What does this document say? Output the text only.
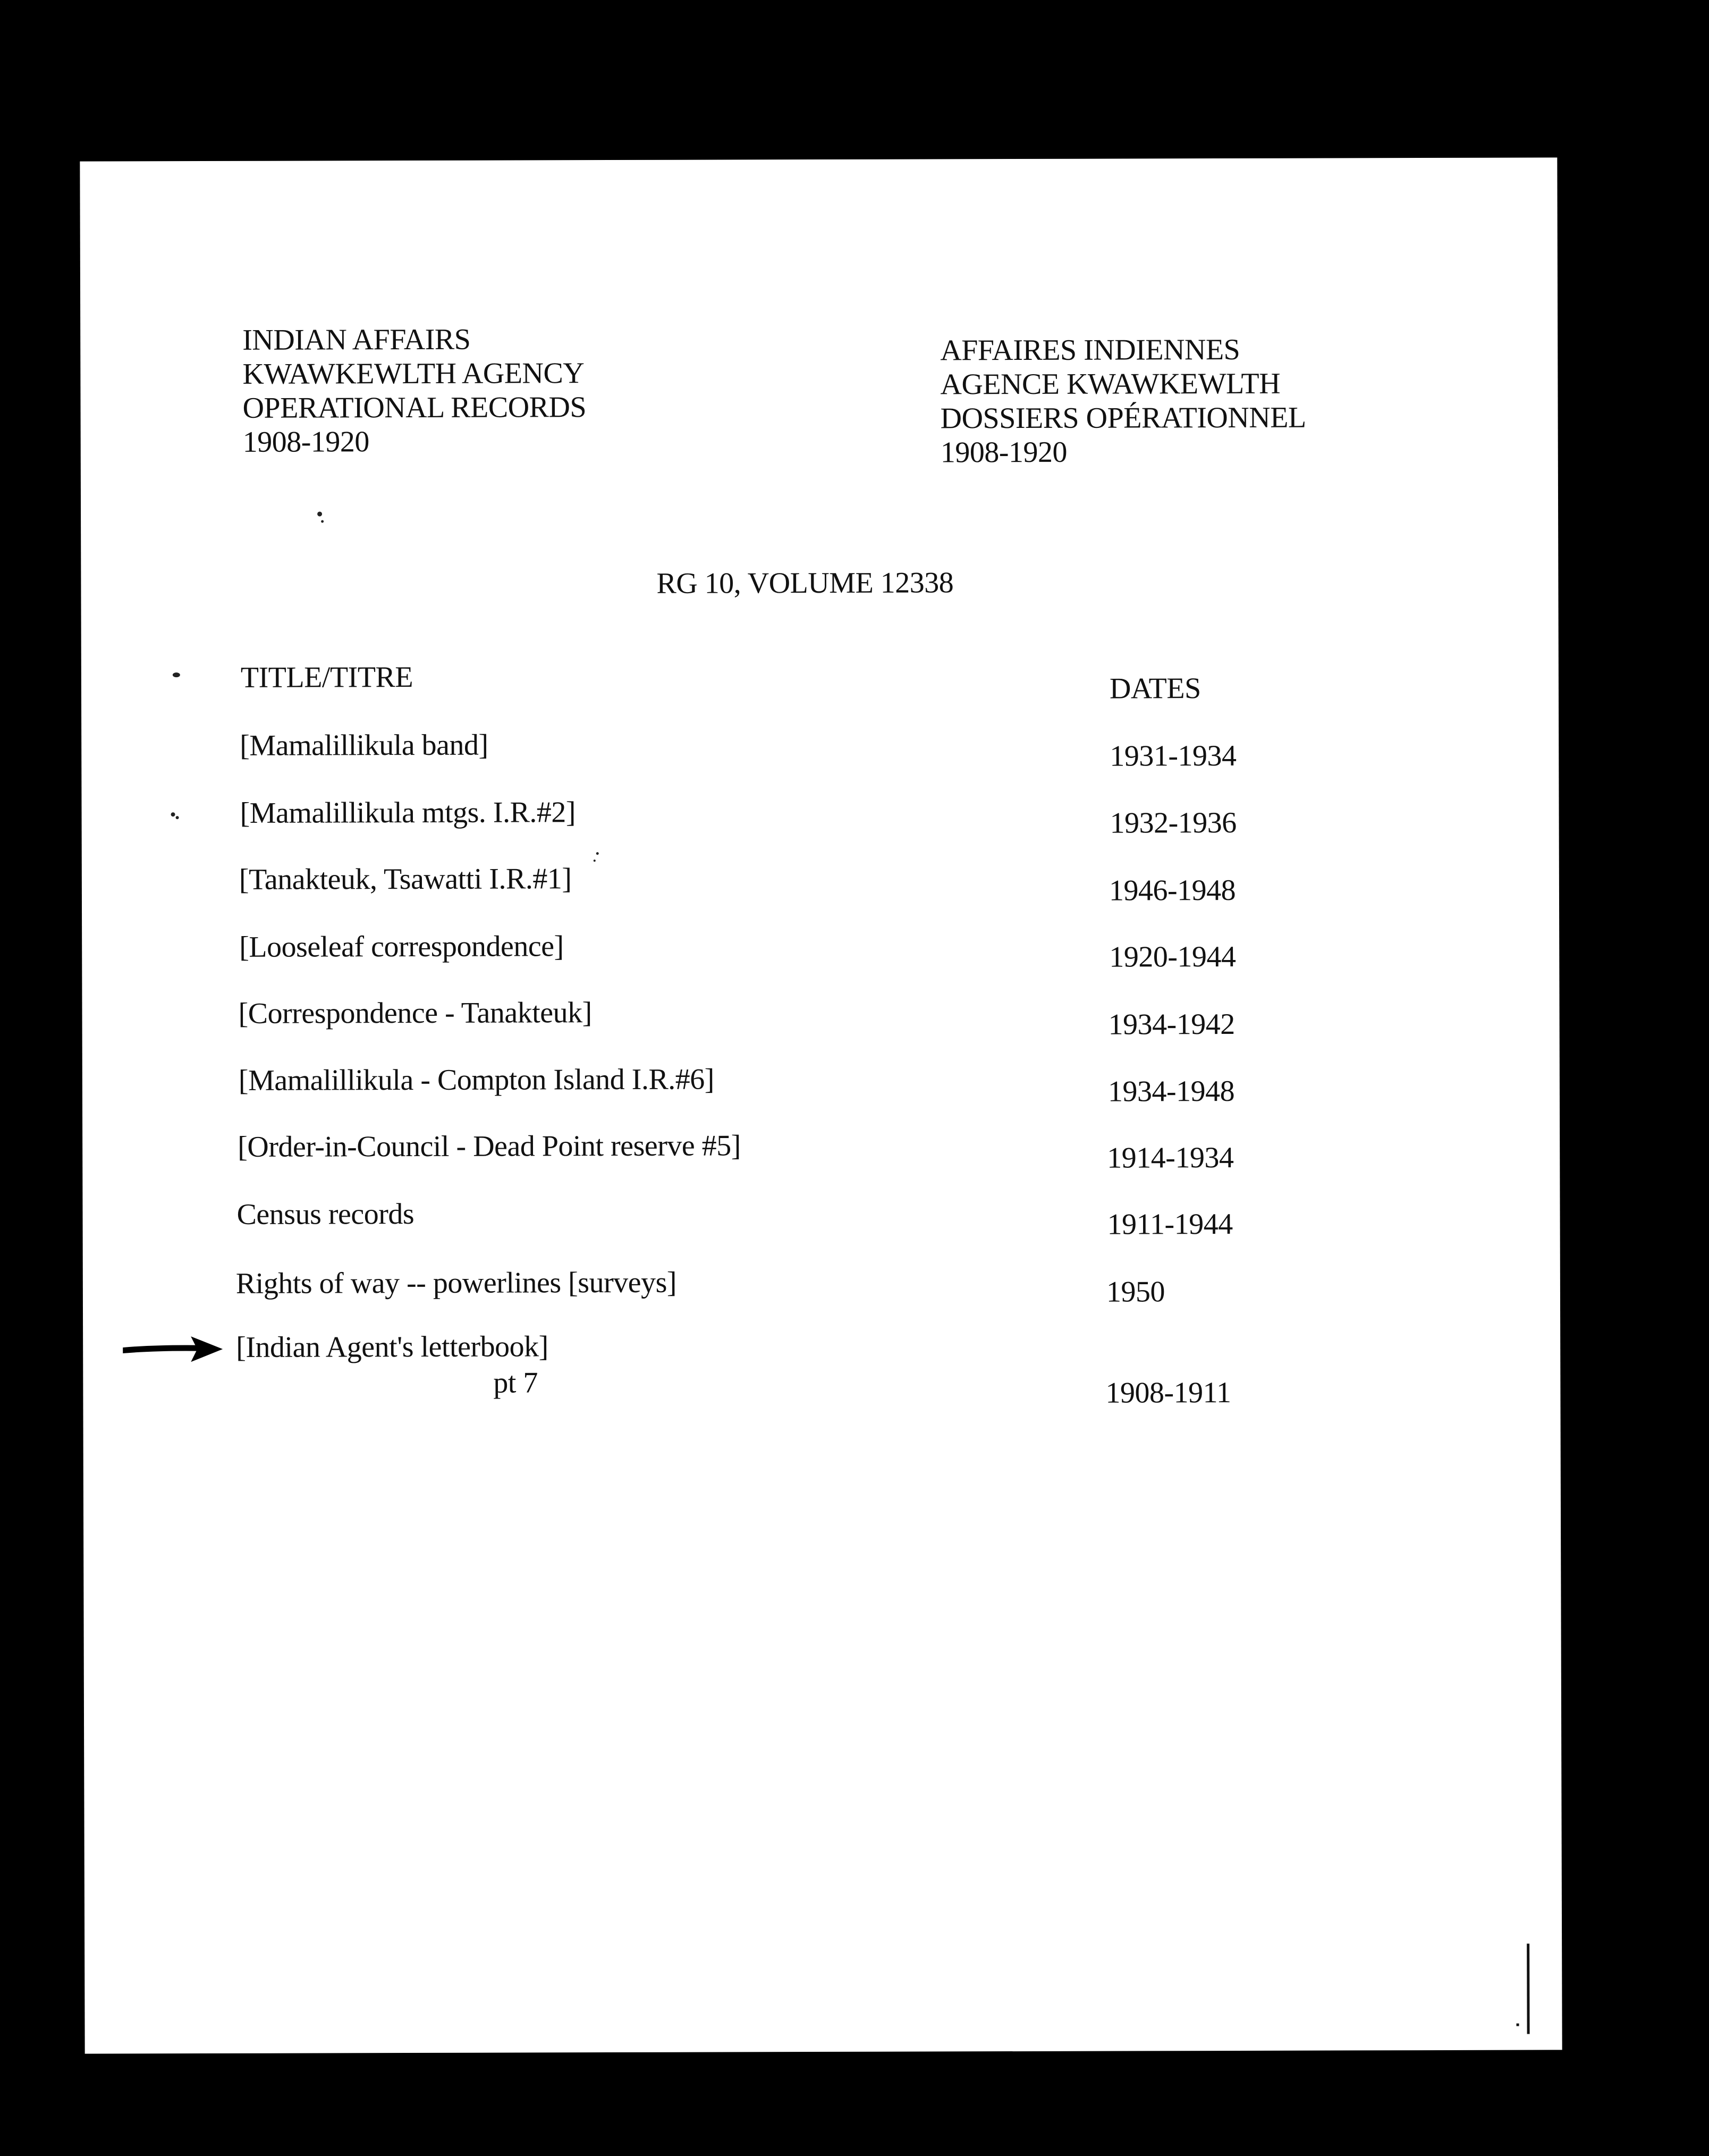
INDIAN AFFAIRS
KWAWKEWLTH AGENCY
OPERATIONAL RECORDS
1908-1920
AFFAIRES INDIENNES
AGENCE KWAWKEWLTH
DOSSIERS OPÉRATIONNEL
1908-1920
RG 10, VOLUME 12338
TITLE/TITRE	DATES
[Mamalillikula band]	1931-1934
[Mamalillikula mtgs. I.R.#2]	1932-1936
[Tanakteuk, Tsawatti I.R.#1]	1946-1948
[Looseleaf correspondence]	1920-1944
[Correspondence - Tanakteuk]	1934-1942
[Mamalillikula - Compton Island I.R.#6]	1934-1948
[Order-in-Council - Dead Point reserve #5]	1914-1934
Census records	1911-1944
Rights of way -- powerlines [surveys]	1950
[Indian Agent's letterbook]
pt 7	1908-1911
